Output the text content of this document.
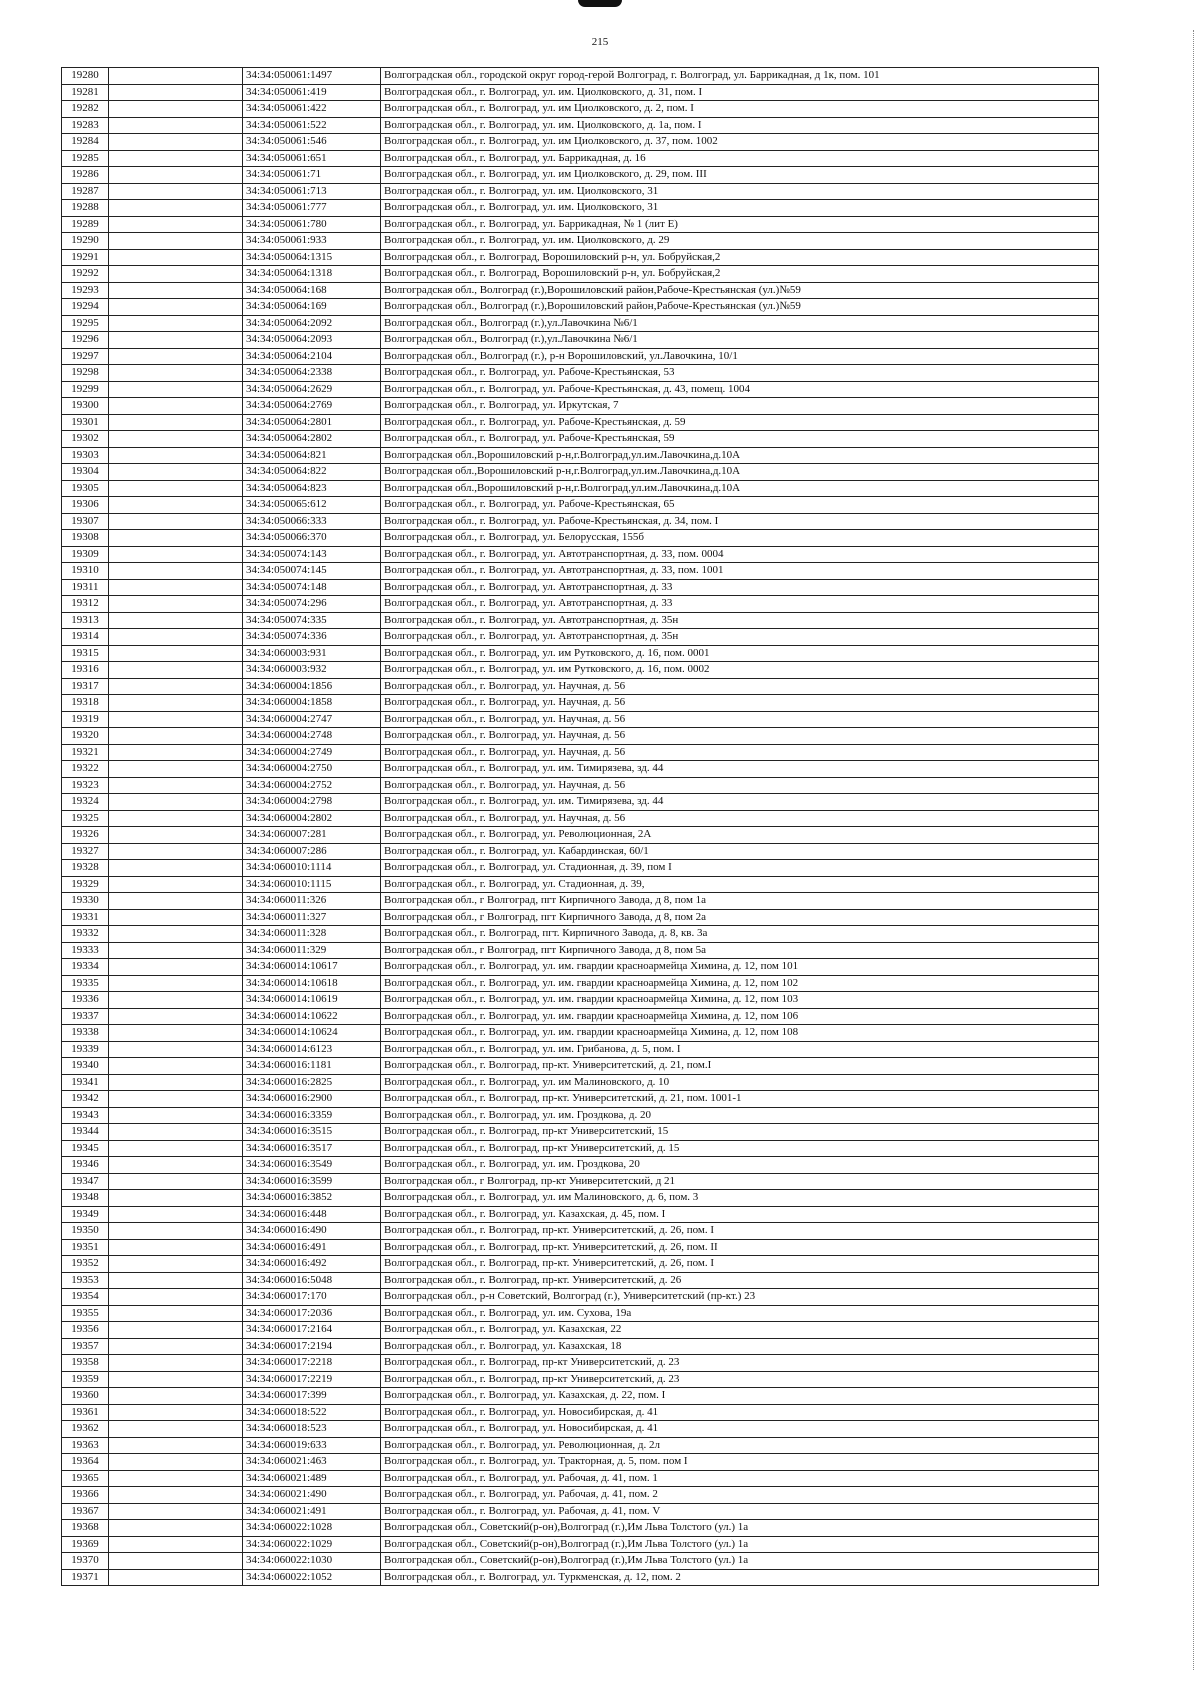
215
19280		34:34:050061:1497	Волгоградская обл., городской округ город-герой Волгоград, г. Волгоград, ул. Баррикадная, д 1к, пом. 101
19281		34:34:050061:419	Волгоградская обл., г. Волгоград, ул. им. Циолковского, д. 31, пом. I
19282		34:34:050061:422	Волгоградская обл., г. Волгоград, ул. им Циолковского, д. 2, пом. I
19283		34:34:050061:522	Волгоградская обл., г. Волгоград, ул. им. Циолковского, д. 1а, пом. I
19284		34:34:050061:546	Волгоградская обл., г. Волгоград, ул. им Циолковского, д. 37, пом. 1002
19285		34:34:050061:651	Волгоградская обл., г. Волгоград, ул. Баррикадная, д. 16
19286		34:34:050061:71	Волгоградская обл., г. Волгоград, ул. им Циолковского, д. 29, пом. III
19287		34:34:050061:713	Волгоградская обл., г. Волгоград, ул. им. Циолковского, 31
19288		34:34:050061:777	Волгоградская обл., г. Волгоград, ул. им. Циолковского, 31
19289		34:34:050061:780	Волгоградская обл., г. Волгоград, ул. Баррикадная, № 1 (лит Е)
19290		34:34:050061:933	Волгоградская обл., г. Волгоград, ул. им. Циолковского, д. 29
19291		34:34:050064:1315	Волгоградская обл., г. Волгоград, Ворошиловский р-н, ул. Бобруйская,2
19292		34:34:050064:1318	Волгоградская обл., г. Волгоград, Ворошиловский р-н, ул. Бобруйская,2
19293		34:34:050064:168	Волгоградская обл., Волгоград (г.),Ворошиловский район,Рабоче-Крестьянская (ул.)№59
19294		34:34:050064:169	Волгоградская обл., Волгоград (г.),Ворошиловский район,Рабоче-Крестьянская (ул.)№59
19295		34:34:050064:2092	Волгоградская обл., Волгоград (г.),ул.Лавочкина №6/1
19296		34:34:050064:2093	Волгоградская обл., Волгоград (г.),ул.Лавочкина №6/1
19297		34:34:050064:2104	Волгоградская обл., Волгоград (г.), р-н Ворошиловский, ул.Лавочкина, 10/1
19298		34:34:050064:2338	Волгоградская обл., г. Волгоград, ул. Рабоче-Крестьянская, 53
19299		34:34:050064:2629	Волгоградская обл., г. Волгоград, ул. Рабоче-Крестьянская, д. 43, помещ. 1004
19300		34:34:050064:2769	Волгоградская обл., г. Волгоград, ул. Иркутская, 7
19301		34:34:050064:2801	Волгоградская обл., г. Волгоград, ул. Рабоче-Крестьянская, д. 59
19302		34:34:050064:2802	Волгоградская обл., г. Волгоград, ул. Рабоче-Крестьянская, 59
19303		34:34:050064:821	Волгоградская обл.,Ворошиловский р-н,г.Волгоград,ул.им.Лавочкина,д.10А
19304		34:34:050064:822	Волгоградская обл.,Ворошиловский р-н,г.Волгоград,ул.им.Лавочкина,д.10А
19305		34:34:050064:823	Волгоградская обл.,Ворошиловский р-н,г.Волгоград,ул.им.Лавочкина,д.10А
19306		34:34:050065:612	Волгоградская обл., г. Волгоград, ул. Рабоче-Крестьянская, 65
19307		34:34:050066:333	Волгоградская обл., г. Волгоград, ул. Рабоче-Крестьянская, д. 34, пом. I
19308		34:34:050066:370	Волгоградская обл., г. Волгоград, ул. Белорусская, 155б
19309		34:34:050074:143	Волгоградская обл., г. Волгоград, ул. Автотранспортная, д. 33, пом. 0004
19310		34:34:050074:145	Волгоградская обл., г. Волгоград, ул. Автотранспортная, д. 33, пом. 1001
19311		34:34:050074:148	Волгоградская обл., г. Волгоград, ул. Автотранспортная, д. 33
19312		34:34:050074:296	Волгоградская обл., г. Волгоград, ул. Автотранспортная, д. 33
19313		34:34:050074:335	Волгоградская обл., г. Волгоград, ул. Автотранспортная, д. 35н
19314		34:34:050074:336	Волгоградская обл., г. Волгоград, ул. Автотранспортная, д. 35н
19315		34:34:060003:931	Волгоградская обл., г. Волгоград, ул. им Рутковского, д. 16, пом. 0001
19316		34:34:060003:932	Волгоградская обл., г. Волгоград, ул. им Рутковского, д. 16, пом. 0002
19317		34:34:060004:1856	Волгоградская обл., г. Волгоград, ул. Научная, д. 56
19318		34:34:060004:1858	Волгоградская обл., г. Волгоград, ул. Научная, д. 56
19319		34:34:060004:2747	Волгоградская обл., г. Волгоград, ул. Научная, д. 56
19320		34:34:060004:2748	Волгоградская обл., г. Волгоград, ул. Научная, д. 56
19321		34:34:060004:2749	Волгоградская обл., г. Волгоград, ул. Научная, д. 56
19322		34:34:060004:2750	Волгоградская обл., г. Волгоград, ул. им. Тимирязева, зд. 44
19323		34:34:060004:2752	Волгоградская обл., г. Волгоград, ул. Научная, д. 56
19324		34:34:060004:2798	Волгоградская обл., г. Волгоград, ул. им. Тимирязева, зд. 44
19325		34:34:060004:2802	Волгоградская обл., г. Волгоград, ул. Научная, д. 56
19326		34:34:060007:281	Волгоградская обл., г. Волгоград, ул. Революционная, 2А
19327		34:34:060007:286	Волгоградская обл., г. Волгоград, ул. Кабардинская, 60/1
19328		34:34:060010:1114	Волгоградская обл., г. Волгоград, ул. Стадионная, д. 39, пом I
19329		34:34:060010:1115	Волгоградская обл., г. Волгоград, ул. Стадионная, д. 39,
19330		34:34:060011:326	Волгоградская обл., г Волгоград, пгт Кирпичного Завода, д 8, пом 1а
19331		34:34:060011:327	Волгоградская обл., г Волгоград, пгт Кирпичного Завода, д 8, пом 2а
19332		34:34:060011:328	Волгоградская обл., г. Волгоград, пгт. Кирпичного Завода, д. 8, кв. 3а
19333		34:34:060011:329	Волгоградская обл., г Волгоград, пгт Кирпичного Завода, д 8, пом 5а
19334		34:34:060014:10617	Волгоградская обл., г. Волгоград, ул. им. гвардии красноармейца Химина, д. 12, пом 101
19335		34:34:060014:10618	Волгоградская обл., г. Волгоград, ул. им. гвардии красноармейца Химина, д. 12, пом 102
19336		34:34:060014:10619	Волгоградская обл., г. Волгоград, ул. им. гвардии красноармейца Химина, д. 12, пом 103
19337		34:34:060014:10622	Волгоградская обл., г. Волгоград, ул. им. гвардии красноармейца Химина, д. 12, пом 106
19338		34:34:060014:10624	Волгоградская обл., г. Волгоград, ул. им. гвардии красноармейца Химина, д. 12, пом 108
19339		34:34:060014:6123	Волгоградская обл., г. Волгоград, ул. им. Грибанова, д. 5, пом. I
19340		34:34:060016:1181	Волгоградская обл., г. Волгоград, пр-кт. Университетский, д. 21, пом.I
19341		34:34:060016:2825	Волгоградская обл., г. Волгоград, ул. им Малиновского, д. 10
19342		34:34:060016:2900	Волгоградская обл., г. Волгоград, пр-кт. Университетский, д. 21, пом. 1001-1
19343		34:34:060016:3359	Волгоградская обл., г. Волгоград, ул. им. Гроздкова, д. 20
19344		34:34:060016:3515	Волгоградская обл., г. Волгоград, пр-кт Университетский, 15
19345		34:34:060016:3517	Волгоградская обл., г. Волгоград, пр-кт Университетский, д. 15
19346		34:34:060016:3549	Волгоградская обл., г. Волгоград, ул. им. Гроздкова, 20
19347		34:34:060016:3599	Волгоградская обл., г Волгоград, пр-кт Университетский, д 21
19348		34:34:060016:3852	Волгоградская обл., г. Волгоград, ул. им Малиновского, д. 6, пом. 3
19349		34:34:060016:448	Волгоградская обл., г. Волгоград, ул. Казахская, д. 45, пом. I
19350		34:34:060016:490	Волгоградская обл., г. Волгоград, пр-кт. Университетский, д. 26, пом. I
19351		34:34:060016:491	Волгоградская обл., г. Волгоград, пр-кт. Университетский, д. 26, пом. II
19352		34:34:060016:492	Волгоградская обл., г. Волгоград, пр-кт. Университетский, д. 26, пом. I
19353		34:34:060016:5048	Волгоградская обл., г. Волгоград, пр-кт. Университетский, д. 26
19354		34:34:060017:170	Волгоградская обл., р-н Советский, Волгоград (г.), Университетский (пр-кт.) 23
19355		34:34:060017:2036	Волгоградская обл., г. Волгоград, ул. им. Сухова, 19а
19356		34:34:060017:2164	Волгоградская обл., г. Волгоград, ул. Казахская, 22
19357		34:34:060017:2194	Волгоградская обл., г. Волгоград, ул. Казахская, 18
19358		34:34:060017:2218	Волгоградская обл., г. Волгоград, пр-кт Университетский, д. 23
19359		34:34:060017:2219	Волгоградская обл., г. Волгоград, пр-кт Университетский, д. 23
19360		34:34:060017:399	Волгоградская обл., г. Волгоград, ул. Казахская, д. 22, пом. I
19361		34:34:060018:522	Волгоградская обл., г. Волгоград, ул. Новосибирская, д. 41
19362		34:34:060018:523	Волгоградская обл., г. Волгоград, ул. Новосибирская, д. 41
19363		34:34:060019:633	Волгоградская обл., г. Волгоград, ул. Революционная, д. 2л
19364		34:34:060021:463	Волгоградская обл., г. Волгоград, ул. Тракторная, д. 5, пом. пом I
19365		34:34:060021:489	Волгоградская обл., г. Волгоград, ул. Рабочая, д. 41, пом. 1
19366		34:34:060021:490	Волгоградская обл., г. Волгоград, ул. Рабочая, д. 41, пом. 2
19367		34:34:060021:491	Волгоградская обл., г. Волгоград, ул. Рабочая, д. 41, пом. V
19368		34:34:060022:1028	Волгоградская обл., Советский(р-он),Волгоград (г.),Им Льва Толстого (ул.) 1а
19369		34:34:060022:1029	Волгоградская обл., Советский(р-он),Волгоград (г.),Им Льва Толстого (ул.) 1а
19370		34:34:060022:1030	Волгоградская обл., Советский(р-он),Волгоград (г.),Им Льва Толстого (ул.) 1а
19371		34:34:060022:1052	Волгоградская обл., г. Волгоград, ул. Туркменская, д. 12, пом. 2
